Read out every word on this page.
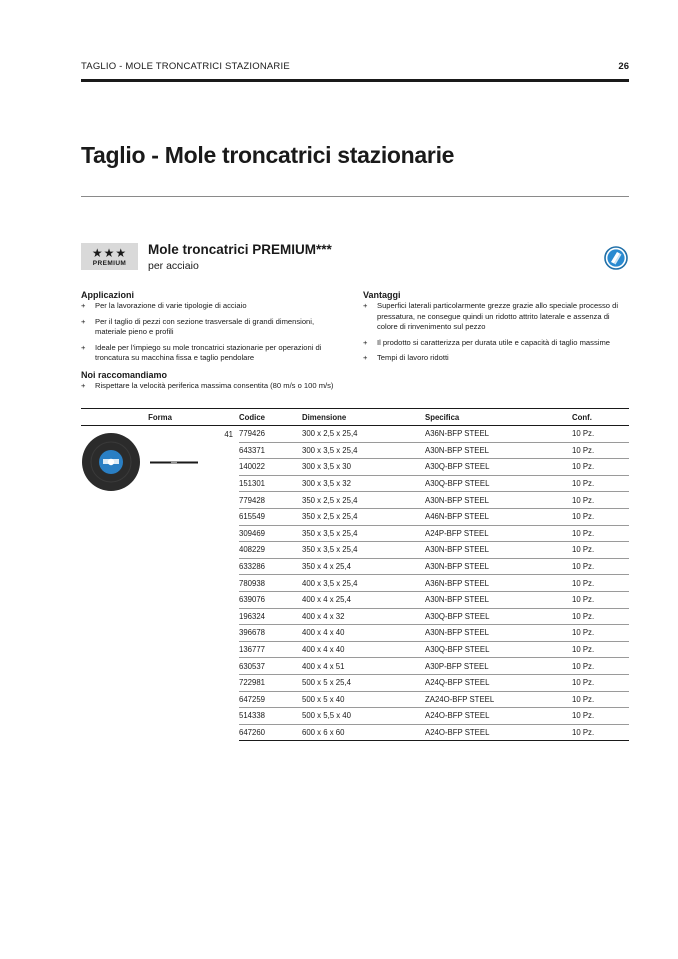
TAGLIO - MOLE TRONCATRICI STAZIONARIE	26
Taglio - Mole troncatrici stazionarie
★★★
PREMIUM
Mole troncatrici PREMIUM***
per acciaio
Applicazioni
+ Per la lavorazione di varie tipologie di acciaio
+ Per il taglio di pezzi con sezione trasversale di grandi dimensioni, materiale pieno e profili
+ Ideale per l'impiego su mole troncatrici stazionarie per operazioni di troncatura su macchina fissa e taglio pendolare
Noi raccomandiamo
+ Rispettare la velocità periferica massima consentita (80 m/s o 100 m/s)
Vantaggi
+ Superfici laterali particolarmente grezze grazie allo speciale processo di pressatura, ne consegue quindi un ridotto attrito laterale e assenza di colore di rinvenimento sul pezzo
+ Il prodotto si caratterizza per durata utile e capacità di taglio massime
+ Tempi di lavoro ridotti
Forma	Codice	Dimensione	Specifica	Conf.

41	779426	300 x 2,5 x 25,4	A36N-BFP STEEL	10 Pz.
	643371	300 x 3,5 x 25,4	A30N-BFP STEEL	10 Pz.
	140022	300 x 3,5 x 30	A30Q-BFP STEEL	10 Pz.
	151301	300 x 3,5 x 32	A30Q-BFP STEEL	10 Pz.
	779428	350 x 2,5 x 25,4	A30N-BFP STEEL	10 Pz.
	615549	350 x 2,5 x 25,4	A46N-BFP STEEL	10 Pz.
	309469	350 x 3,5 x 25,4	A24P-BFP STEEL	10 Pz.
	408229	350 x 3,5 x 25,4	A30N-BFP STEEL	10 Pz.
	633286	350 x 4 x 25,4	A30N-BFP STEEL	10 Pz.
	780938	400 x 3,5 x 25,4	A36N-BFP STEEL	10 Pz.
	639076	400 x 4 x 25,4	A30N-BFP STEEL	10 Pz.
	196324	400 x 4 x 32	A30Q-BFP STEEL	10 Pz.
	396678	400 x 4 x 40	A30N-BFP STEEL	10 Pz.
	136777	400 x 4 x 40	A30Q-BFP STEEL	10 Pz.
	630537	400 x 4 x 51	A30P-BFP STEEL	10 Pz.
	722981	500 x 5 x 25,4	A24Q-BFP STEEL	10 Pz.
	647259	500 x 5 x 40	ZA24O-BFP STEEL	10 Pz.
	514338	500 x 5,5 x 40	A24O-BFP STEEL	10 Pz.
	647260	600 x 6 x 60	A24O-BFP STEEL	10 Pz.
